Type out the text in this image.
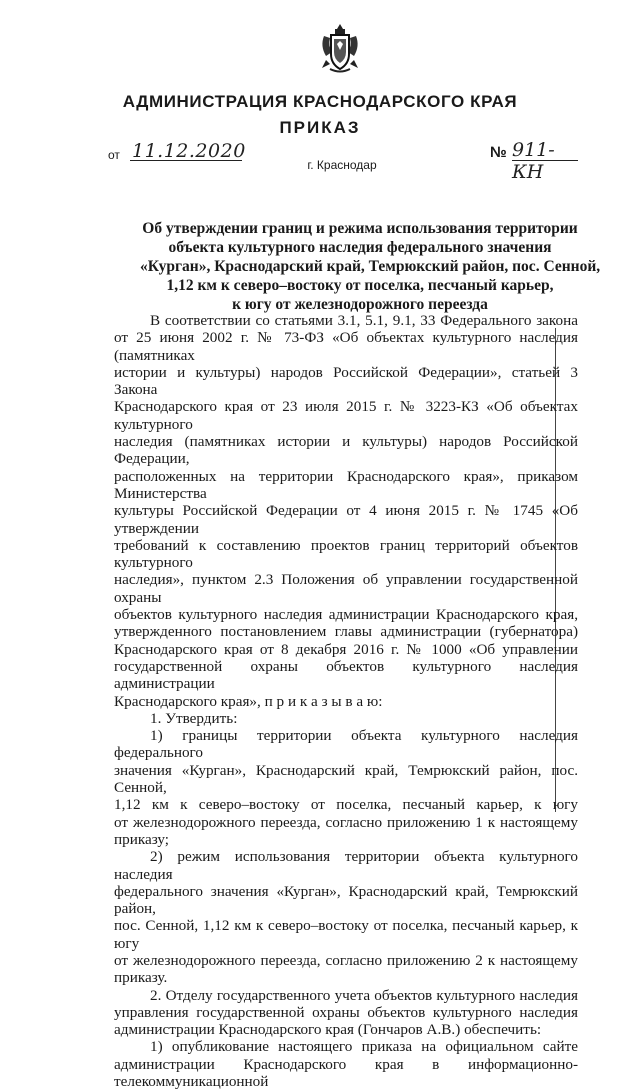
АДМИНИСТРАЦИЯ КРАСНОДАРСКОГО КРАЯ
ПРИКАЗ
от 11.12.2020	№ 911-КН
г. Краснодар
Об утверждении границ и режима использования территории
объекта культурного наследия федерального значения
«Курган», Краснодарский край, Темрюкский район, пос. Сенной,
1,12 км к северо–востоку от поселка, песчаный карьер,
к югу от железнодорожного переезда

В соответствии со статьями 3.1, 5.1, 9.1, 33 Федерального закона

от 25 июня 2002 г. № 73-ФЗ «Об объектах культурного наследия (памятниках

истории и культуры) народов Российской Федерации», статьей 3 Закона

Краснодарского края от 23 июля 2015 г. № 3223-КЗ «Об объектах культурного

наследия (памятниках истории и культуры) народов Российской Федерации,

расположенных на территории Краснодарского края», приказом Министерства

культуры Российской Федерации от 4 июня 2015 г. № 1745 «Об утверждении

требований к составлению проектов границ территорий объектов культурного

наследия», пунктом 2.3 Положения об управлении государственной охраны

объектов культурного наследия администрации Краснодарского края,

утвержденного постановлением главы администрации (губернатора)

Краснодарского края от 8 декабря 2016 г. № 1000 «Об управлении

государственной охраны объектов культурного наследия администрации

Краснодарского края», п р и к а з ы в а ю:

1. Утвердить:

1) границы территории объекта культурного наследия федерального

значения «Курган», Краснодарский край, Темрюкский район, пос. Сенной,

1,12 км к северо–востоку от поселка, песчаный карьер, к югу

от железнодорожного переезда, согласно приложению 1 к настоящему приказу;

2) режим использования территории объекта культурного наследия

федерального значения «Курган», Краснодарский край, Темрюкский район,

пос. Сенной, 1,12 км к северо–востоку от поселка, песчаный карьер, к югу

от железнодорожного переезда, согласно приложению 2 к настоящему приказу.

2. Отделу государственного учета объектов культурного наследия

управления государственной охраны объектов культурного наследия

администрации Краснодарского края (Гончаров А.В.) обеспечить:

1) опубликование настоящего приказа на официальном сайте

администрации Краснодарского края в информационно-телекоммуникационной
